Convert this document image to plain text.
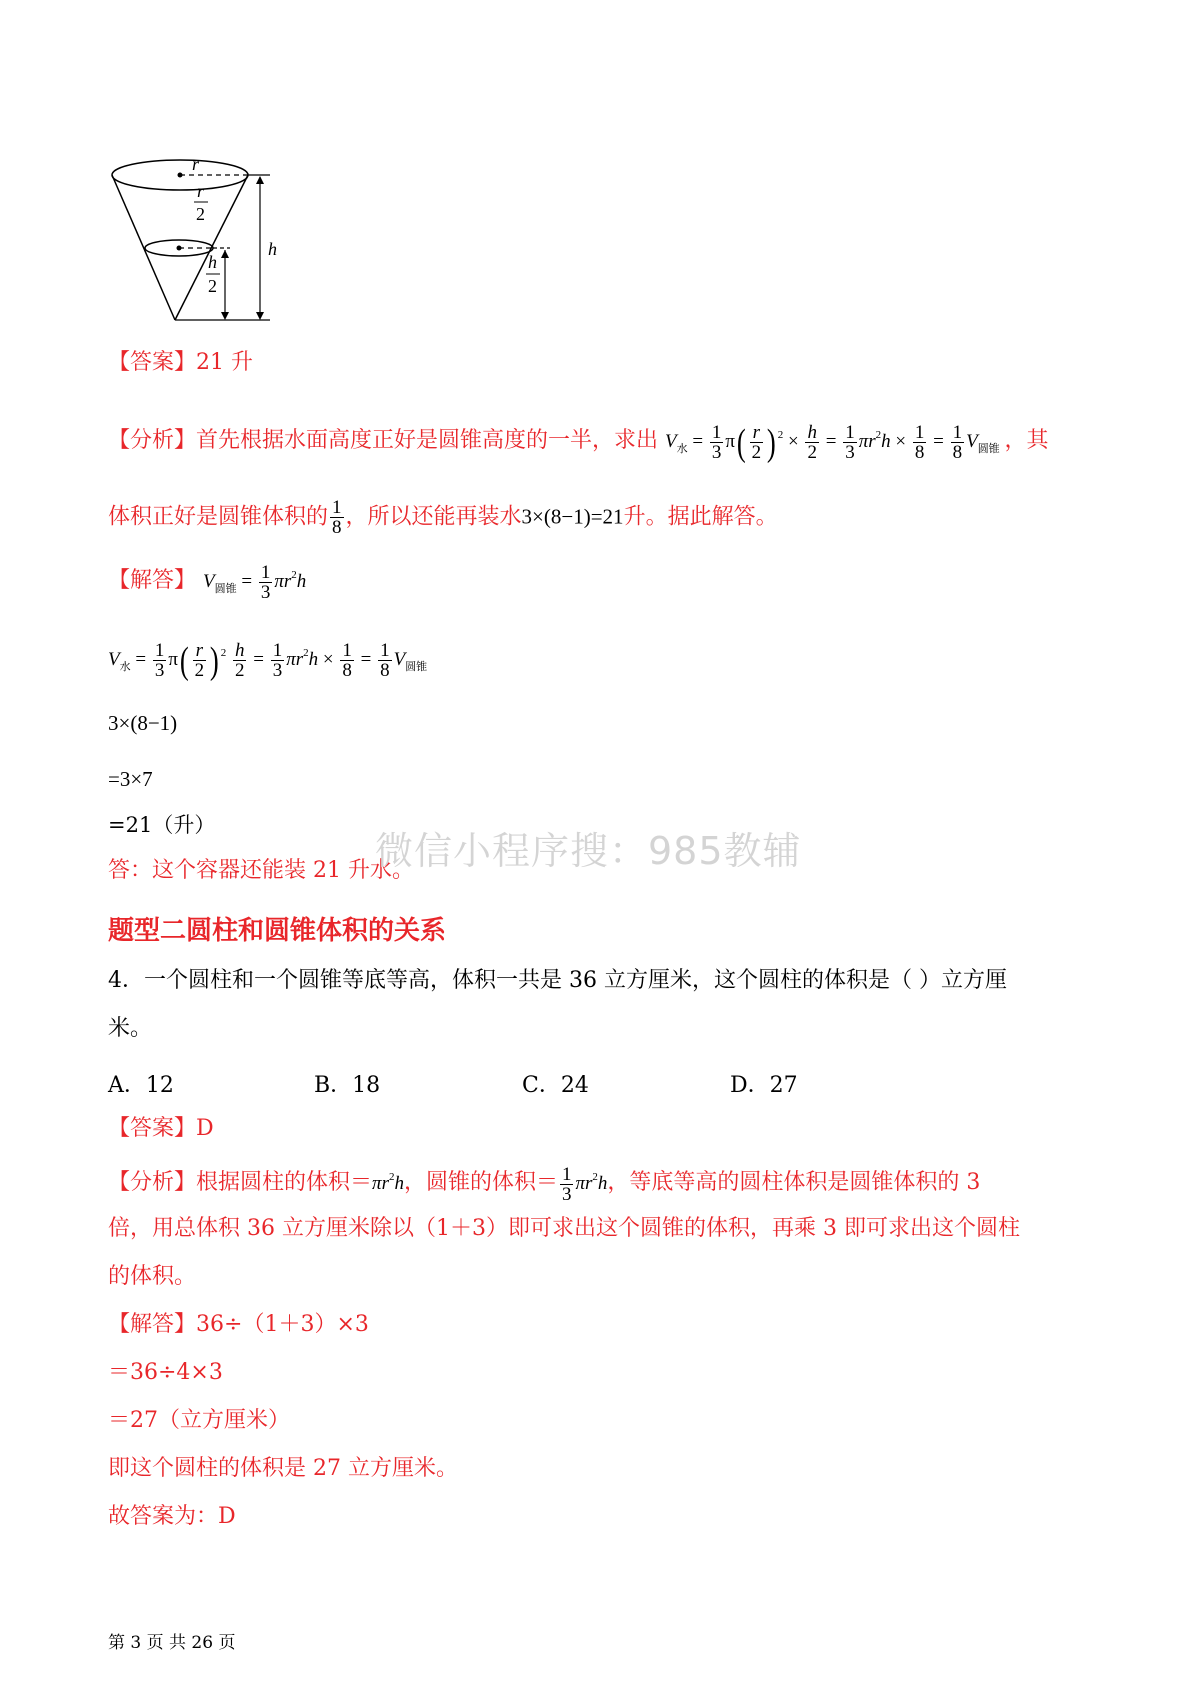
r
r
2
h
h
2
【答案】21 升
【分析】首先根据水面高度正好是圆锥高度的一半，求出 $V_水 = \frac{1}{3} \pi( \frac{r}{2}$ ) $^2 \times \frac{h}{2} = \frac{1}{3} \pi r^2h \times \frac{1}{8} = \frac{1}{8} V_{圆锥}$ ，其
体积正好是圆锥体积的 $\frac{1}{8}$ ，所以还能再装水3×(8−1)=21升。据此解答。
【解答】 $V_{圆锥} = \frac{1}{3} \pi r^2h$
$V_水 = \frac{1}{3} \pi( \frac{r}{2}$ ) $^2 \frac{h}{2} = \frac{1}{3} \pi r^2h \times \frac{1}{8} = \frac{1}{8} V_{圆锥}$
3×(8−1)
=3×7
=21（升）
答：这个容器还能装 21 升水。
微信小程序搜：985教辅
题型二圆柱和圆锥体积的关系
4．一个圆柱和一个圆锥等底等高，体积一共是 36 立方厘米，这个圆柱的体积是（ ）立方厘
米。
A．12	B．18	C．24	D．27
【答案】D
【分析】根据圆柱的体积$=\pi r^2h$，圆锥的体积＝ $\frac{1}{3} \pi r^2h$，等底等高的圆柱体积是圆锥体积的 3
倍，用总体积 36 立方厘米除以（1＋3）即可求出这个圆锥的体积，再乘 3 即可求出这个圆柱
的体积。
【解答】36÷（1＋3）×3
＝36÷4×3
＝27（立方厘米）
即这个圆柱的体积是 27 立方厘米。
故答案为：D
第 3 页 共 26 页
